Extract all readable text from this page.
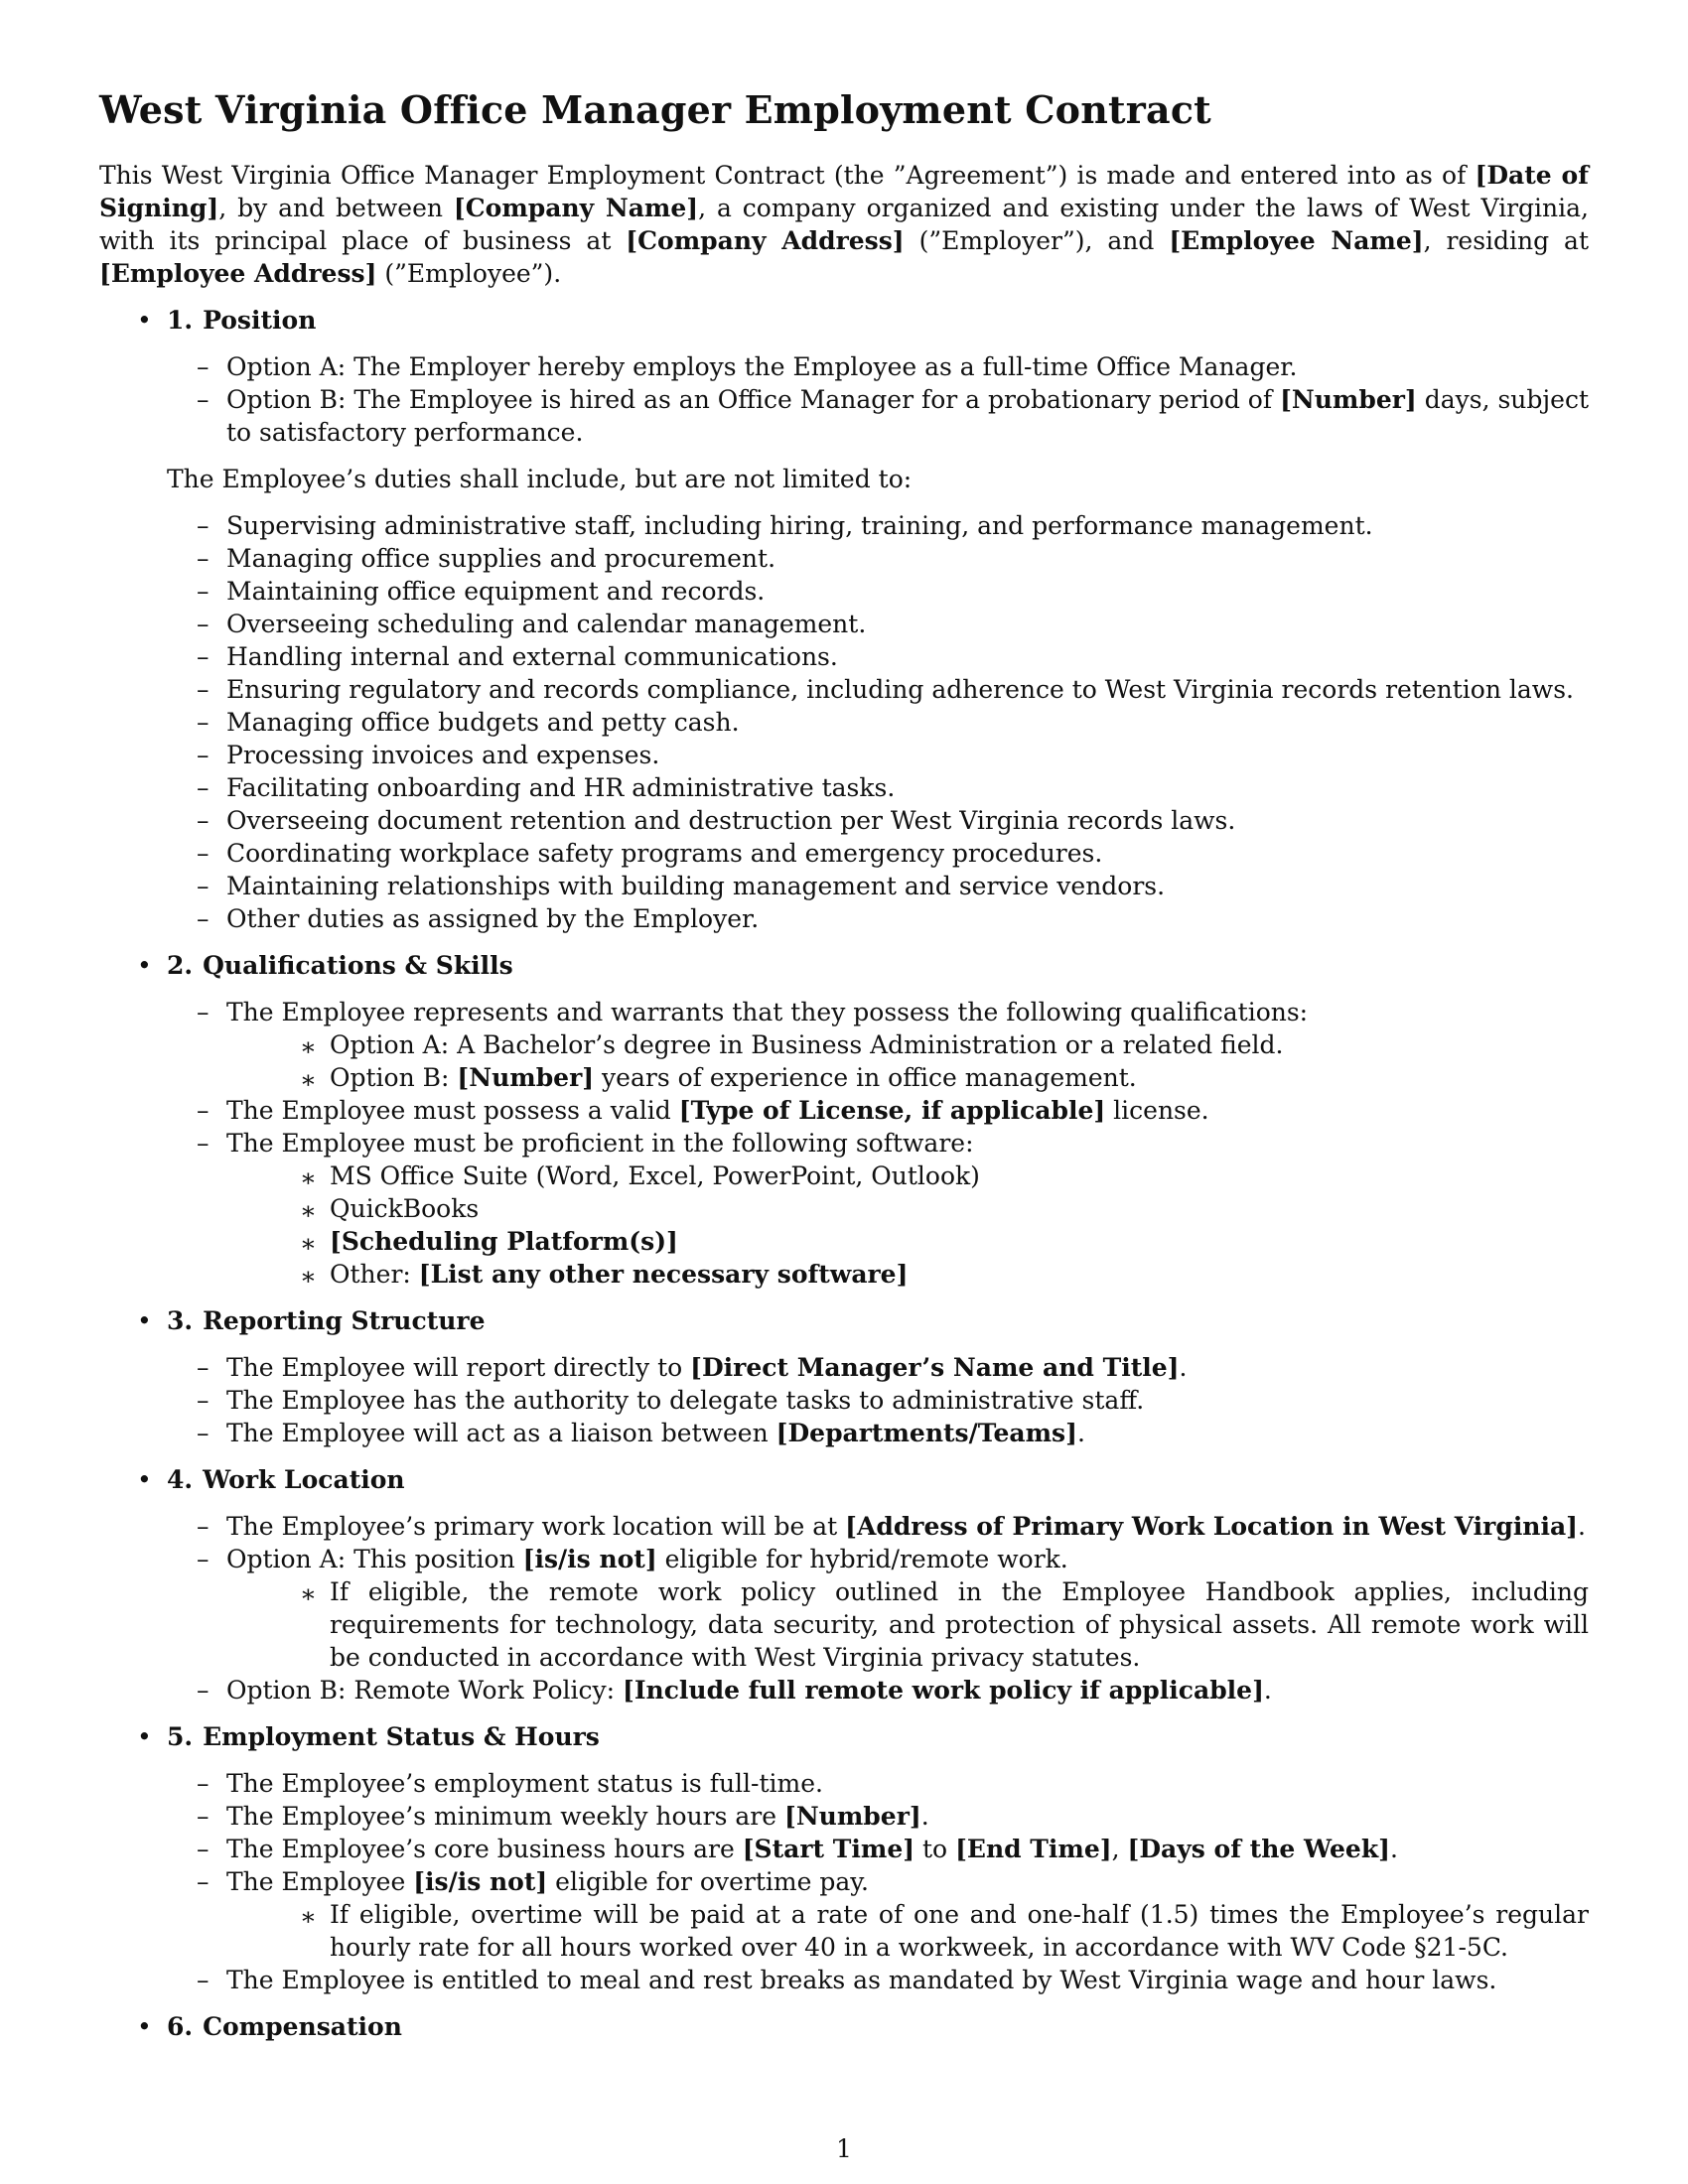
West Virginia Office Manager Employment Contract

This West Virginia Office Manager Employment Contract (the ”Agreement”) is made and entered into as of [Date of Signing], by and between [Company Name], a company organized and existing under the laws of West Virginia, with its principal place of business at [Company Address] (”Employer”), and [Employee Name], residing at [Employee Address] (”Employee”).

• 1. Position
– Option A: The Employer hereby employs the Employee as a full-time Office Manager.
– Option B: The Employee is hired as an Office Manager for a probationary period of [Number] days, subject to satisfactory performance.

The Employee’s duties shall include, but are not limited to:

– Supervising administrative staff, including hiring, training, and performance management.
– Managing office supplies and procurement.
– Maintaining office equipment and records.
– Overseeing scheduling and calendar management.
– Handling internal and external communications.
– Ensuring regulatory and records compliance, including adherence to West Virginia records retention laws.
– Managing office budgets and petty cash.
– Processing invoices and expenses.
– Facilitating onboarding and HR administrative tasks.
– Overseeing document retention and destruction per West Virginia records laws.
– Coordinating workplace safety programs and emergency procedures.
– Maintaining relationships with building management and service vendors.
– Other duties as assigned by the Employer.
• 2. Qualifications & Skills
– The Employee represents and warrants that they possess the following qualifications:
∗ Option A: A Bachelor’s degree in Business Administration or a related field.
∗ Option B: [Number] years of experience in office management.
– The Employee must possess a valid [Type of License, if applicable] license.
– The Employee must be proficient in the following software:
∗ MS Office Suite (Word, Excel, PowerPoint, Outlook)
∗ QuickBooks
∗ [Scheduling Platform(s)]
∗ Other: [List any other necessary software]
• 3. Reporting Structure
– The Employee will report directly to [Direct Manager’s Name and Title].
– The Employee has the authority to delegate tasks to administrative staff.
– The Employee will act as a liaison between [Departments/Teams].
• 4. Work Location
– The Employee’s primary work location will be at [Address of Primary Work Location in West Virginia].
– Option A: This position [is/is not] eligible for hybrid/remote work.
∗ If eligible, the remote work policy outlined in the Employee Handbook applies, including requirements for technology, data security, and protection of physical assets. All remote work will be conducted in accordance with West Virginia privacy statutes.
– Option B: Remote Work Policy: [Include full remote work policy if applicable].
• 5. Employment Status & Hours
– The Employee’s employment status is full-time.
– The Employee’s minimum weekly hours are [Number].
– The Employee’s core business hours are [Start Time] to [End Time], [Days of the Week].
– The Employee [is/is not] eligible for overtime pay.
∗ If eligible, overtime will be paid at a rate of one and one-half (1.5) times the Employee’s regular hourly rate for all hours worked over 40 in a workweek, in accordance with WV Code §21-5C.
– The Employee is entitled to meal and rest breaks as mandated by West Virginia wage and hour laws.
• 6. Compensation
1
